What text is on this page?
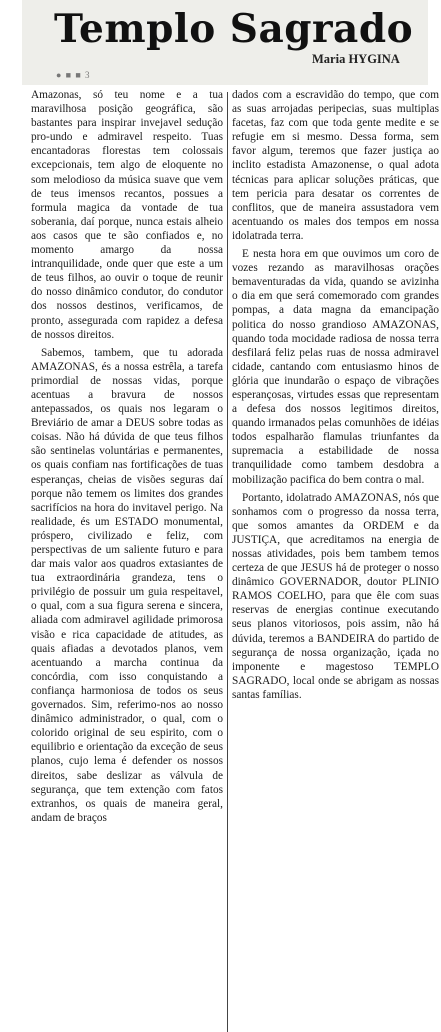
Templo Sagrado
Maria HYGINA
● ■ ■ 3

Amazonas, só teu nome e a tua maravilhosa posição geográfica, são bastantes para inspirar invejavel sedução pro-undo e admiravel respeito. Tuas encantadoras florestas tem colossais excepcionais, tem algo de eloquente no som melodioso da música suave que vem de teus imensos recantos, possues a formula magica da vontade de tua soberania, daí porque, nunca estais alheio aos casos que te são confiados e, no momento amargo da nossa intranquilidade, onde quer que este a um de teus filhos, ao ouvir o toque de reunir do nosso dinâmico condutor, do condutor dos nossos destinos, verificamos, de pronto, assegurada com rapidez a defesa de nossos direitos.

Sabemos, tambem, que tu adorada AMAZONAS, és a nossa estrêla, a tarefa primordial de nossas vidas, porque acentuas a bravura de nossos antepassados, os quais nos legaram o Breviário de amar a DEUS sobre todas as coisas. Não há dúvida de que teus filhos são sentinelas voluntárias e permanentes, os quais confiam nas fortificações de tuas esperanças, cheias de visões seguras daí porque não temem os limites dos grandes sacrifícios na hora do invitavel perigo. Na realidade, és um ESTADO monumental, próspero, civilizado e feliz, com perspectivas de um saliente futuro e para dar mais valor aos quadros extasiantes de tua extraordinária grandeza, tens o privilégio de possuir um guia respeitavel, o qual, com a sua figura serena e sincera, aliada com admiravel agilidade primorosa visão e rica capacidade de atitudes, as quais afiadas a devotados planos, vem acentuando a marcha continua da concórdia, com isso conquistando a confiança harmoniosa de todos os seus governados. Sim, referimo-nos ao nosso dinâmico administrador, o qual, com o colorido original de seu espirito, com o equilibrio e orientação da exceção de seus planos, cujo lema é defender os nossos direitos, sabe deslizar as válvula de segurança, que tem extenção com fatos extranhos, os quais de maneira geral, andam de braços

dados com a escravidão do tempo, que com as suas arrojadas peripecias, suas multiplas facetas, faz com que toda gente medite e se refugie em si mesmo. Dessa forma, sem favor algum, teremos que fazer justiça ao inclito estadista Amazonense, o qual adota técnicas para aplicar soluções práticas, que tem pericia para desatar os correntes de conflitos, que de maneira assustadora vem acentuando os males dos tempos em nossa idolatrada terra.

E nesta hora em que ouvimos um coro de vozes rezando as maravilhosas orações bemaventuradas da vida, quando se avizinha o dia em que será comemorado com grandes pompas, a data magna da emancipação politica do nosso grandioso AMAZONAS, quando toda mocidade radiosa de nossa terra desfilará feliz pelas ruas de nossa admiravel cidade, cantando com entusiasmo hinos de glória que inundarão o espaço de vibrações esperançosas, virtudes essas que representam a defesa dos nossos legitimos direitos, quando irmanados pelas comunhões de idéias todos espalharão flamulas triunfantes da supremacia a estabilidade de nossa tranquilidade como tambem desdobra a mobilização pacifica do bem contra o mal.

Portanto, idolatrado AMAZONAS, nós que sonhamos com o progresso da nossa terra, que somos amantes da ORDEM e da JUSTIÇA, que acreditamos na energia de nossas atividades, pois bem tambem temos certeza de que JESUS há de proteger o nosso dinâmico GOVERNADOR, doutor PLINIO RAMOS COELHO, para que êle com suas reservas de energias continue executando seus planos vitoriosos, pois assim, não há dúvida, teremos a BANDEIRA do partido de segurança de nossa organização, içada no imponente e magestoso TEMPLO SAGRADO, local onde se abrigam as nossas santas famílias.
